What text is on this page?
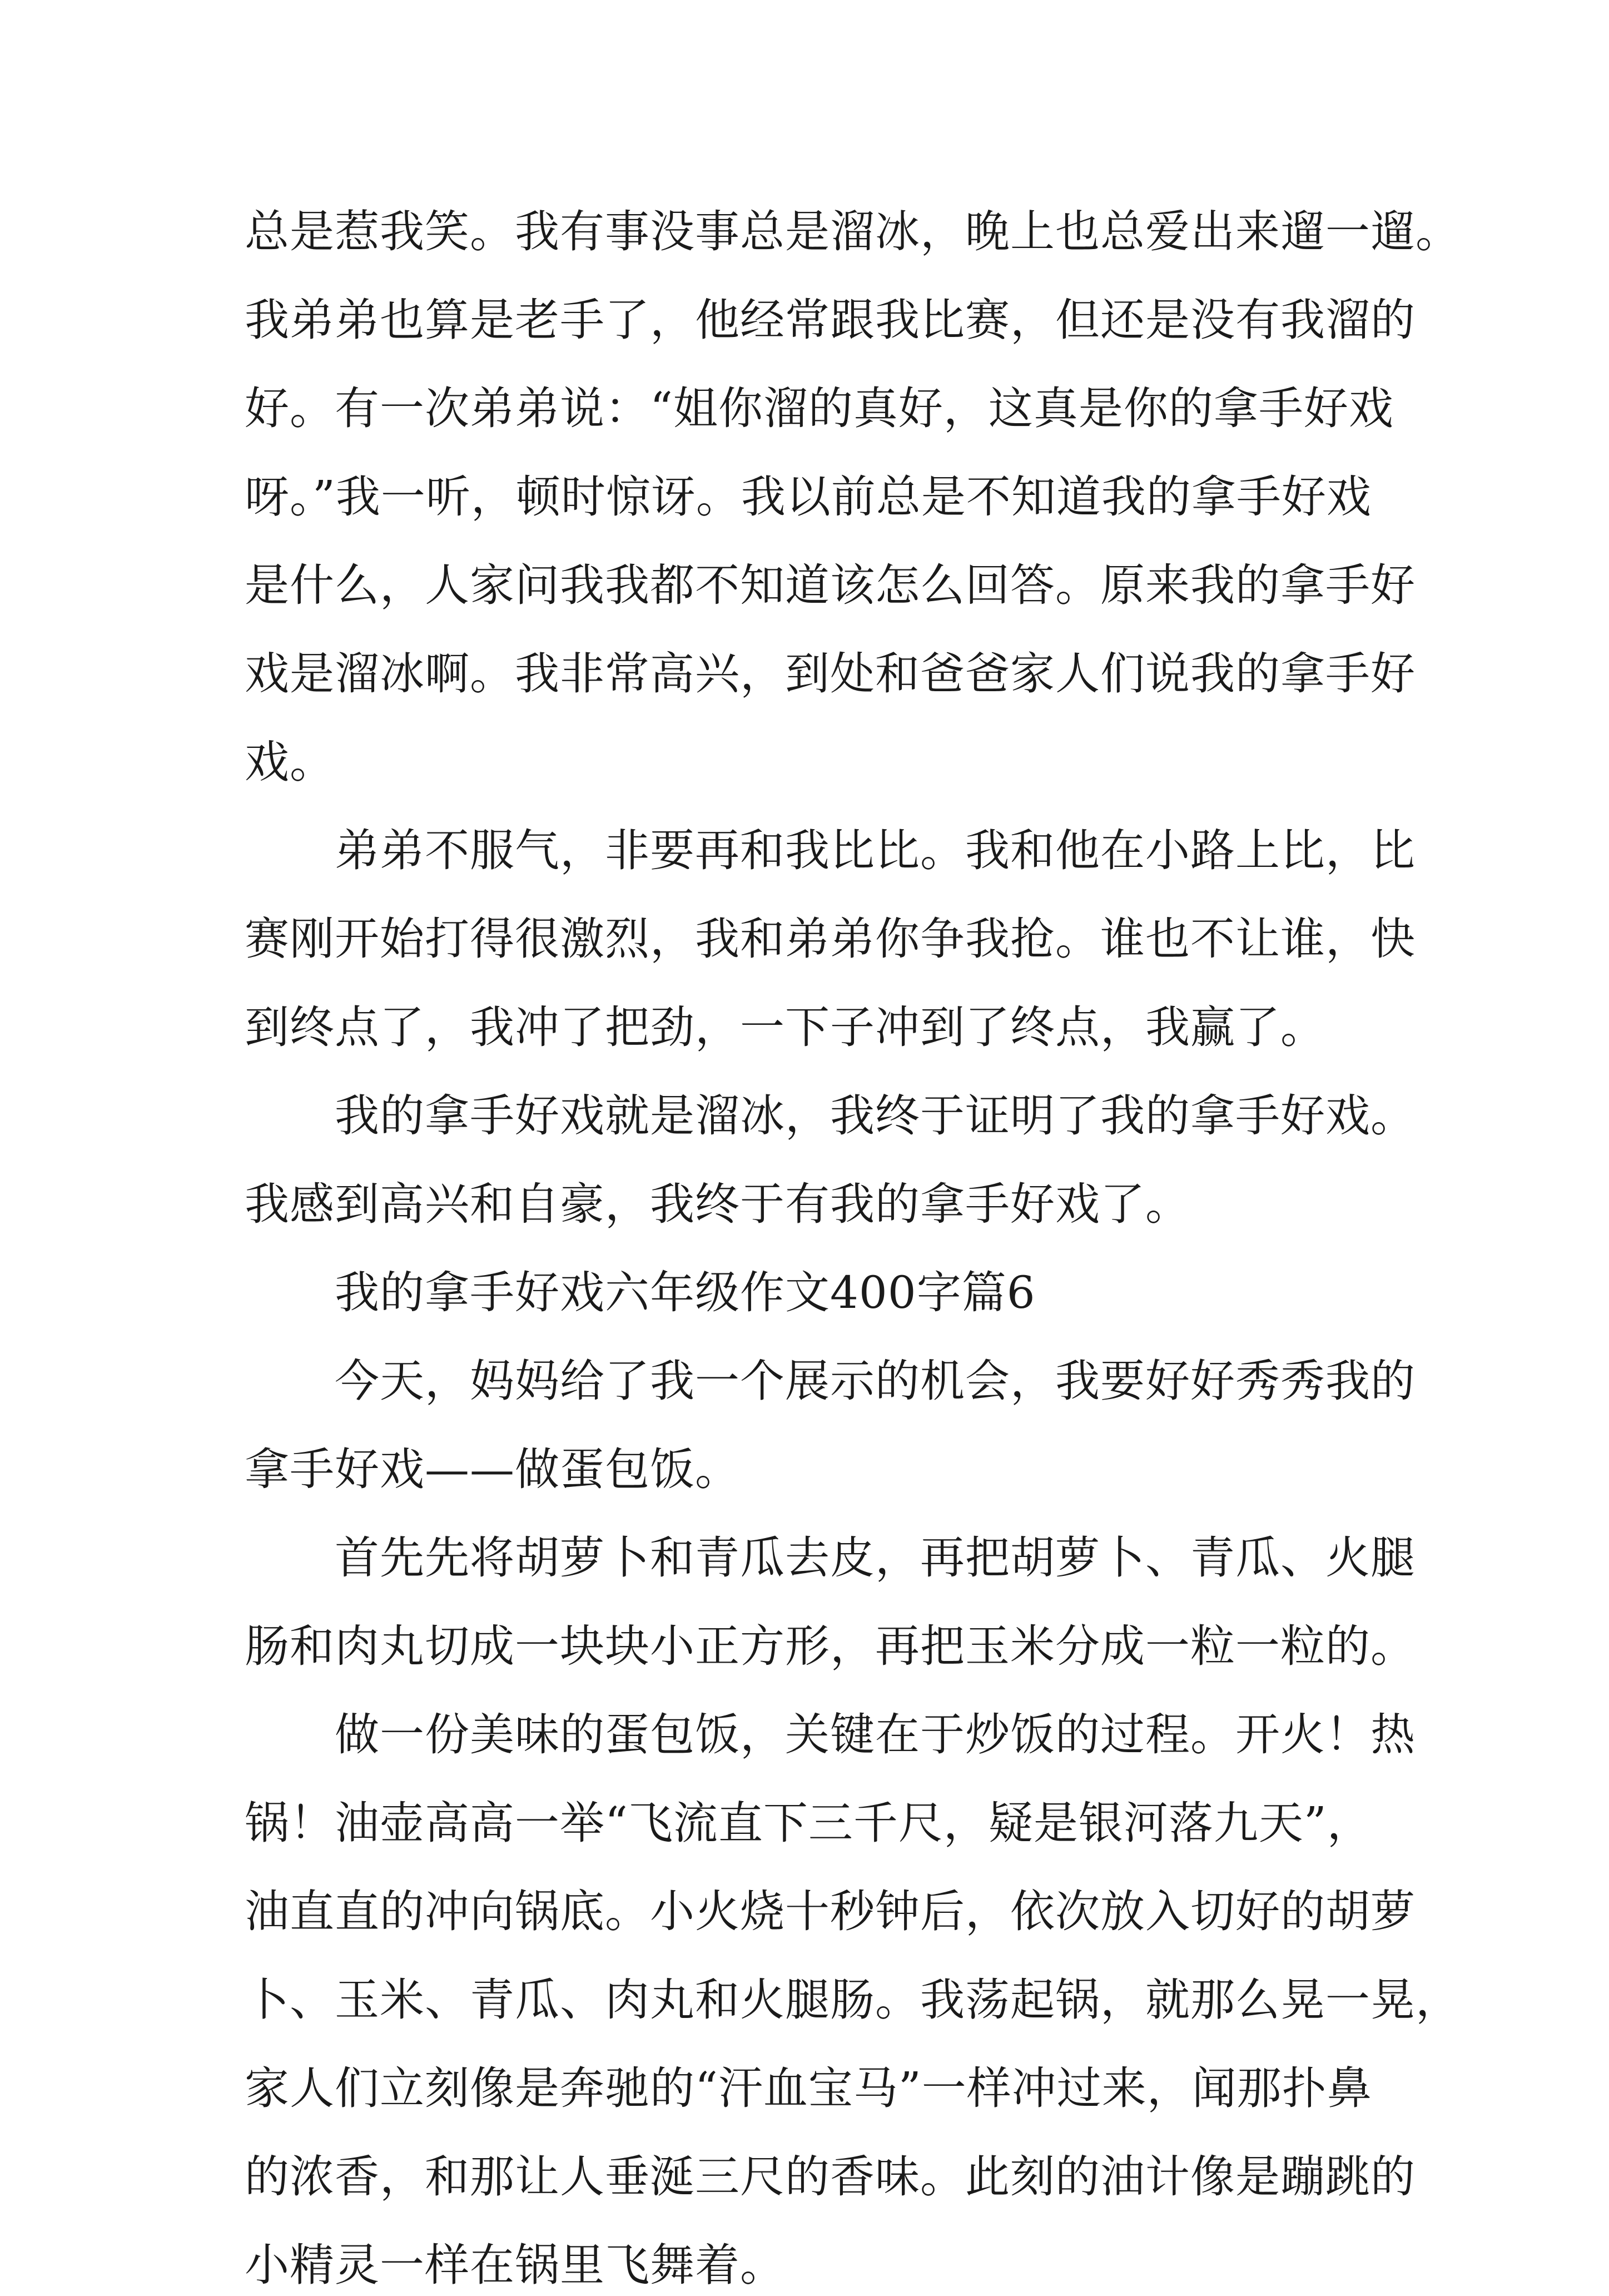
总是惹我笑。我有事没事总是溜冰，晚上也总爱出来遛一遛。
我弟弟也算是老手了，他经常跟我比赛，但还是没有我溜的
好。有一次弟弟说：“姐你溜的真好，这真是你的拿手好戏
呀。”我一听，顿时惊讶。我以前总是不知道我的拿手好戏
是什么，人家问我我都不知道该怎么回答。原来我的拿手好
戏是溜冰啊。我非常高兴，到处和爸爸家人们说我的拿手好
戏。
弟弟不服气，非要再和我比比。我和他在小路上比，比
赛刚开始打得很激烈，我和弟弟你争我抢。谁也不让谁，快
到终点了，我冲了把劲，一下子冲到了终点，我赢了。
我的拿手好戏就是溜冰，我终于证明了我的拿手好戏。
我感到高兴和自豪，我终于有我的拿手好戏了。
我的拿手好戏六年级作文400字篇6
今天，妈妈给了我一个展示的机会，我要好好秀秀我的
拿手好戏——做蛋包饭。
首先先将胡萝卜和青瓜去皮，再把胡萝卜、青瓜、火腿
肠和肉丸切成一块块小正方形，再把玉米分成一粒一粒的。
做一份美味的蛋包饭，关键在于炒饭的过程。开火！热
锅！油壶高高一举“飞流直下三千尺，疑是银河落九天”，
油直直的冲向锅底。小火烧十秒钟后，依次放入切好的胡萝
卜、玉米、青瓜、肉丸和火腿肠。我荡起锅，就那么晃一晃，
家人们立刻像是奔驰的“汗血宝马”一样冲过来，闻那扑鼻
的浓香，和那让人垂涎三尺的香味。此刻的油计像是蹦跳的
小精灵一样在锅里飞舞着。
